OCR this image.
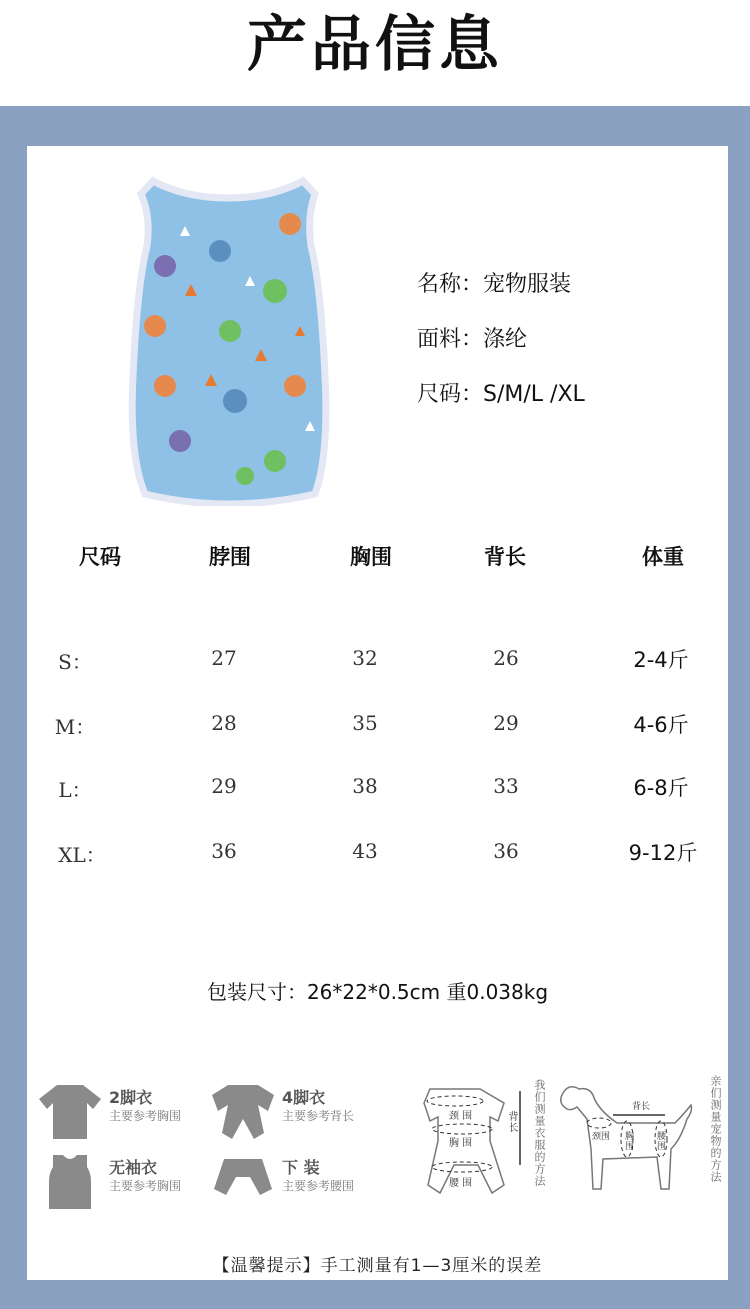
产品信息
名称：宠物服装
面料：涤纶
尺码：S/M/L /XL
尺码	脖围	胸围	背长	体重
S：	27	32	26	2-4斤
M：	28	35	29	4-6斤
L：	29	38	33	6-8斤
XL：	36	43	36	9-12斤
包装尺寸：26*22*0.5cm 重0.038kg
2脚衣
主要参考胸围
4脚衣
主要参考背长
无袖衣
主要参考胸围
下 装
主要参考腰围
颈 围
胸 围
腰 围
背长 我们测量衣服的方法	颈围 胸围 腰围
背长	亲们测量宠物的方法
【温馨提示】手工测量有1—3厘米的误差
